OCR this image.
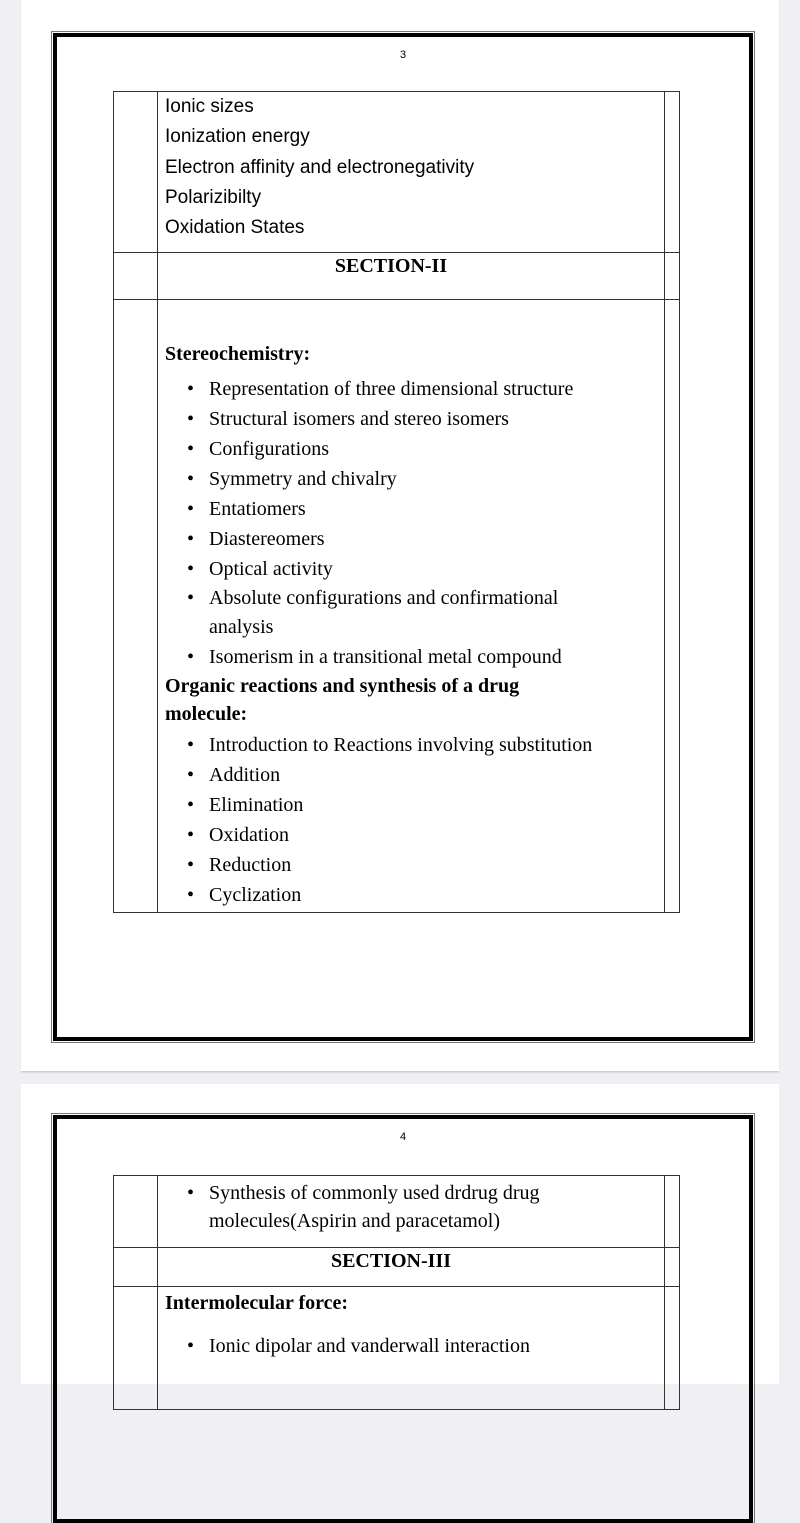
3

	Ionic sizes
Ionization energy
Electron affinity and electronegativity
Polarizibilty
Oxidation States	

	SECTION-II	

Stereochemistry:
• Representation of three dimensional structure
• Structural isomers and stereo isomers
• Configurations
• Symmetry and chivalry
• Entatiomers
• Diastereomers
• Optical activity
• Absolute configurations and confirmational analysis
• Isomerism in a transitional metal compound
Organic reactions and synthesis of a drug molecule:
• Introduction to Reactions involving substitution
• Addition
• Elimination
• Oxidation
• Reduction
• Cyclization

4

• Synthesis of commonly used drdrug drug molecules(Aspirin and paracetamol)

	SECTION-III	

Intermolecular force:
• Ionic dipolar and vanderwall interaction
